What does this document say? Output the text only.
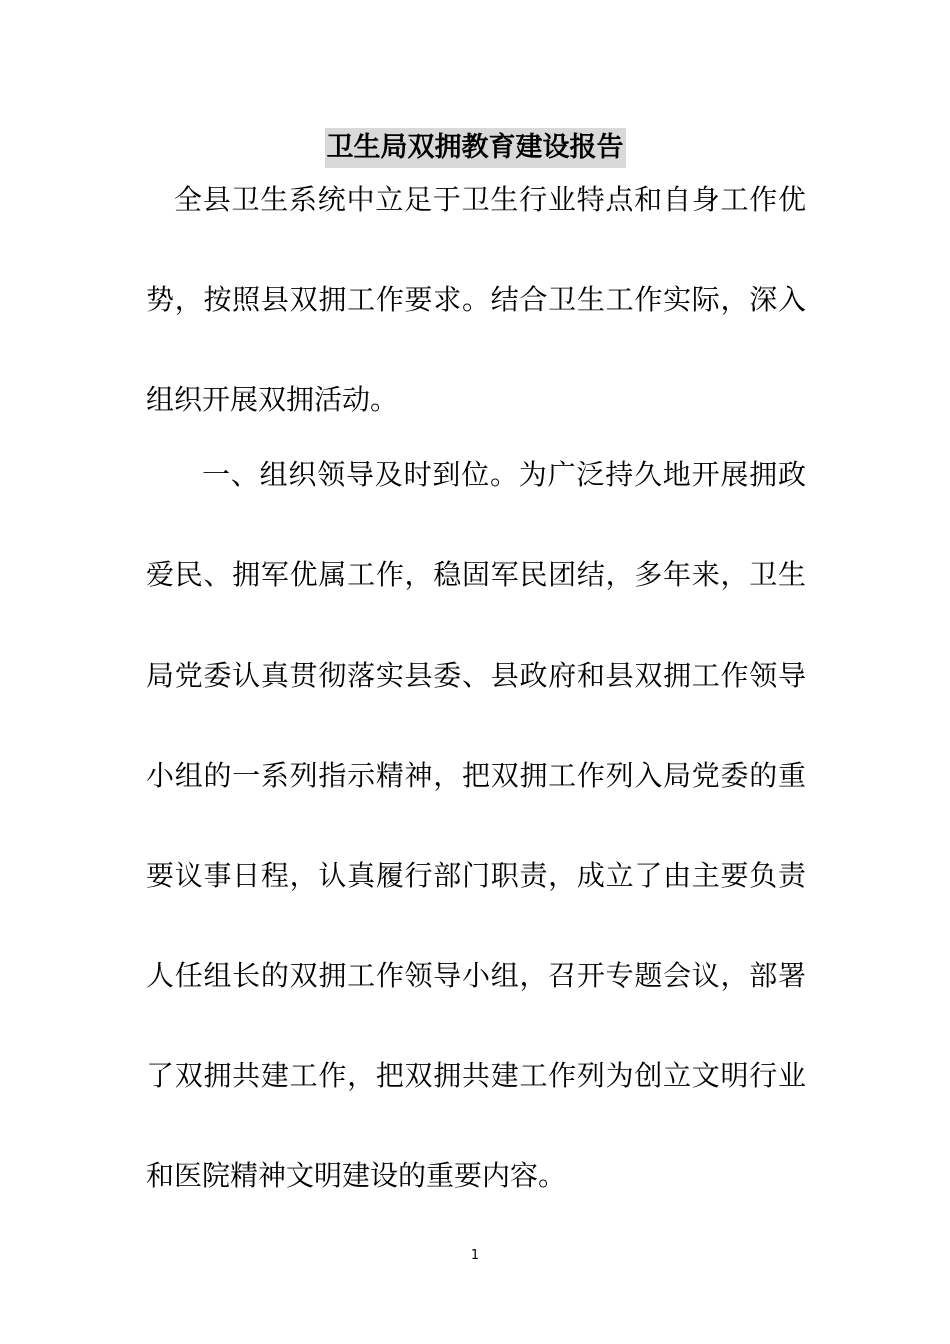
卫生局双拥教育建设报告
全县卫生系统中立足于卫生行业特点和自身工作优
势，按照县双拥工作要求。结合卫生工作实际，深入
组织开展双拥活动。
一、组织领导及时到位。为广泛持久地开展拥政
爱民、拥军优属工作，稳固军民团结，多年来，卫生
局党委认真贯彻落实县委、县政府和县双拥工作领导
小组的一系列指示精神，把双拥工作列入局党委的重
要议事日程，认真履行部门职责，成立了由主要负责
人任组长的双拥工作领导小组，召开专题会议，部署
了双拥共建工作，把双拥共建工作列为创立文明行业
和医院精神文明建设的重要内容。
1
